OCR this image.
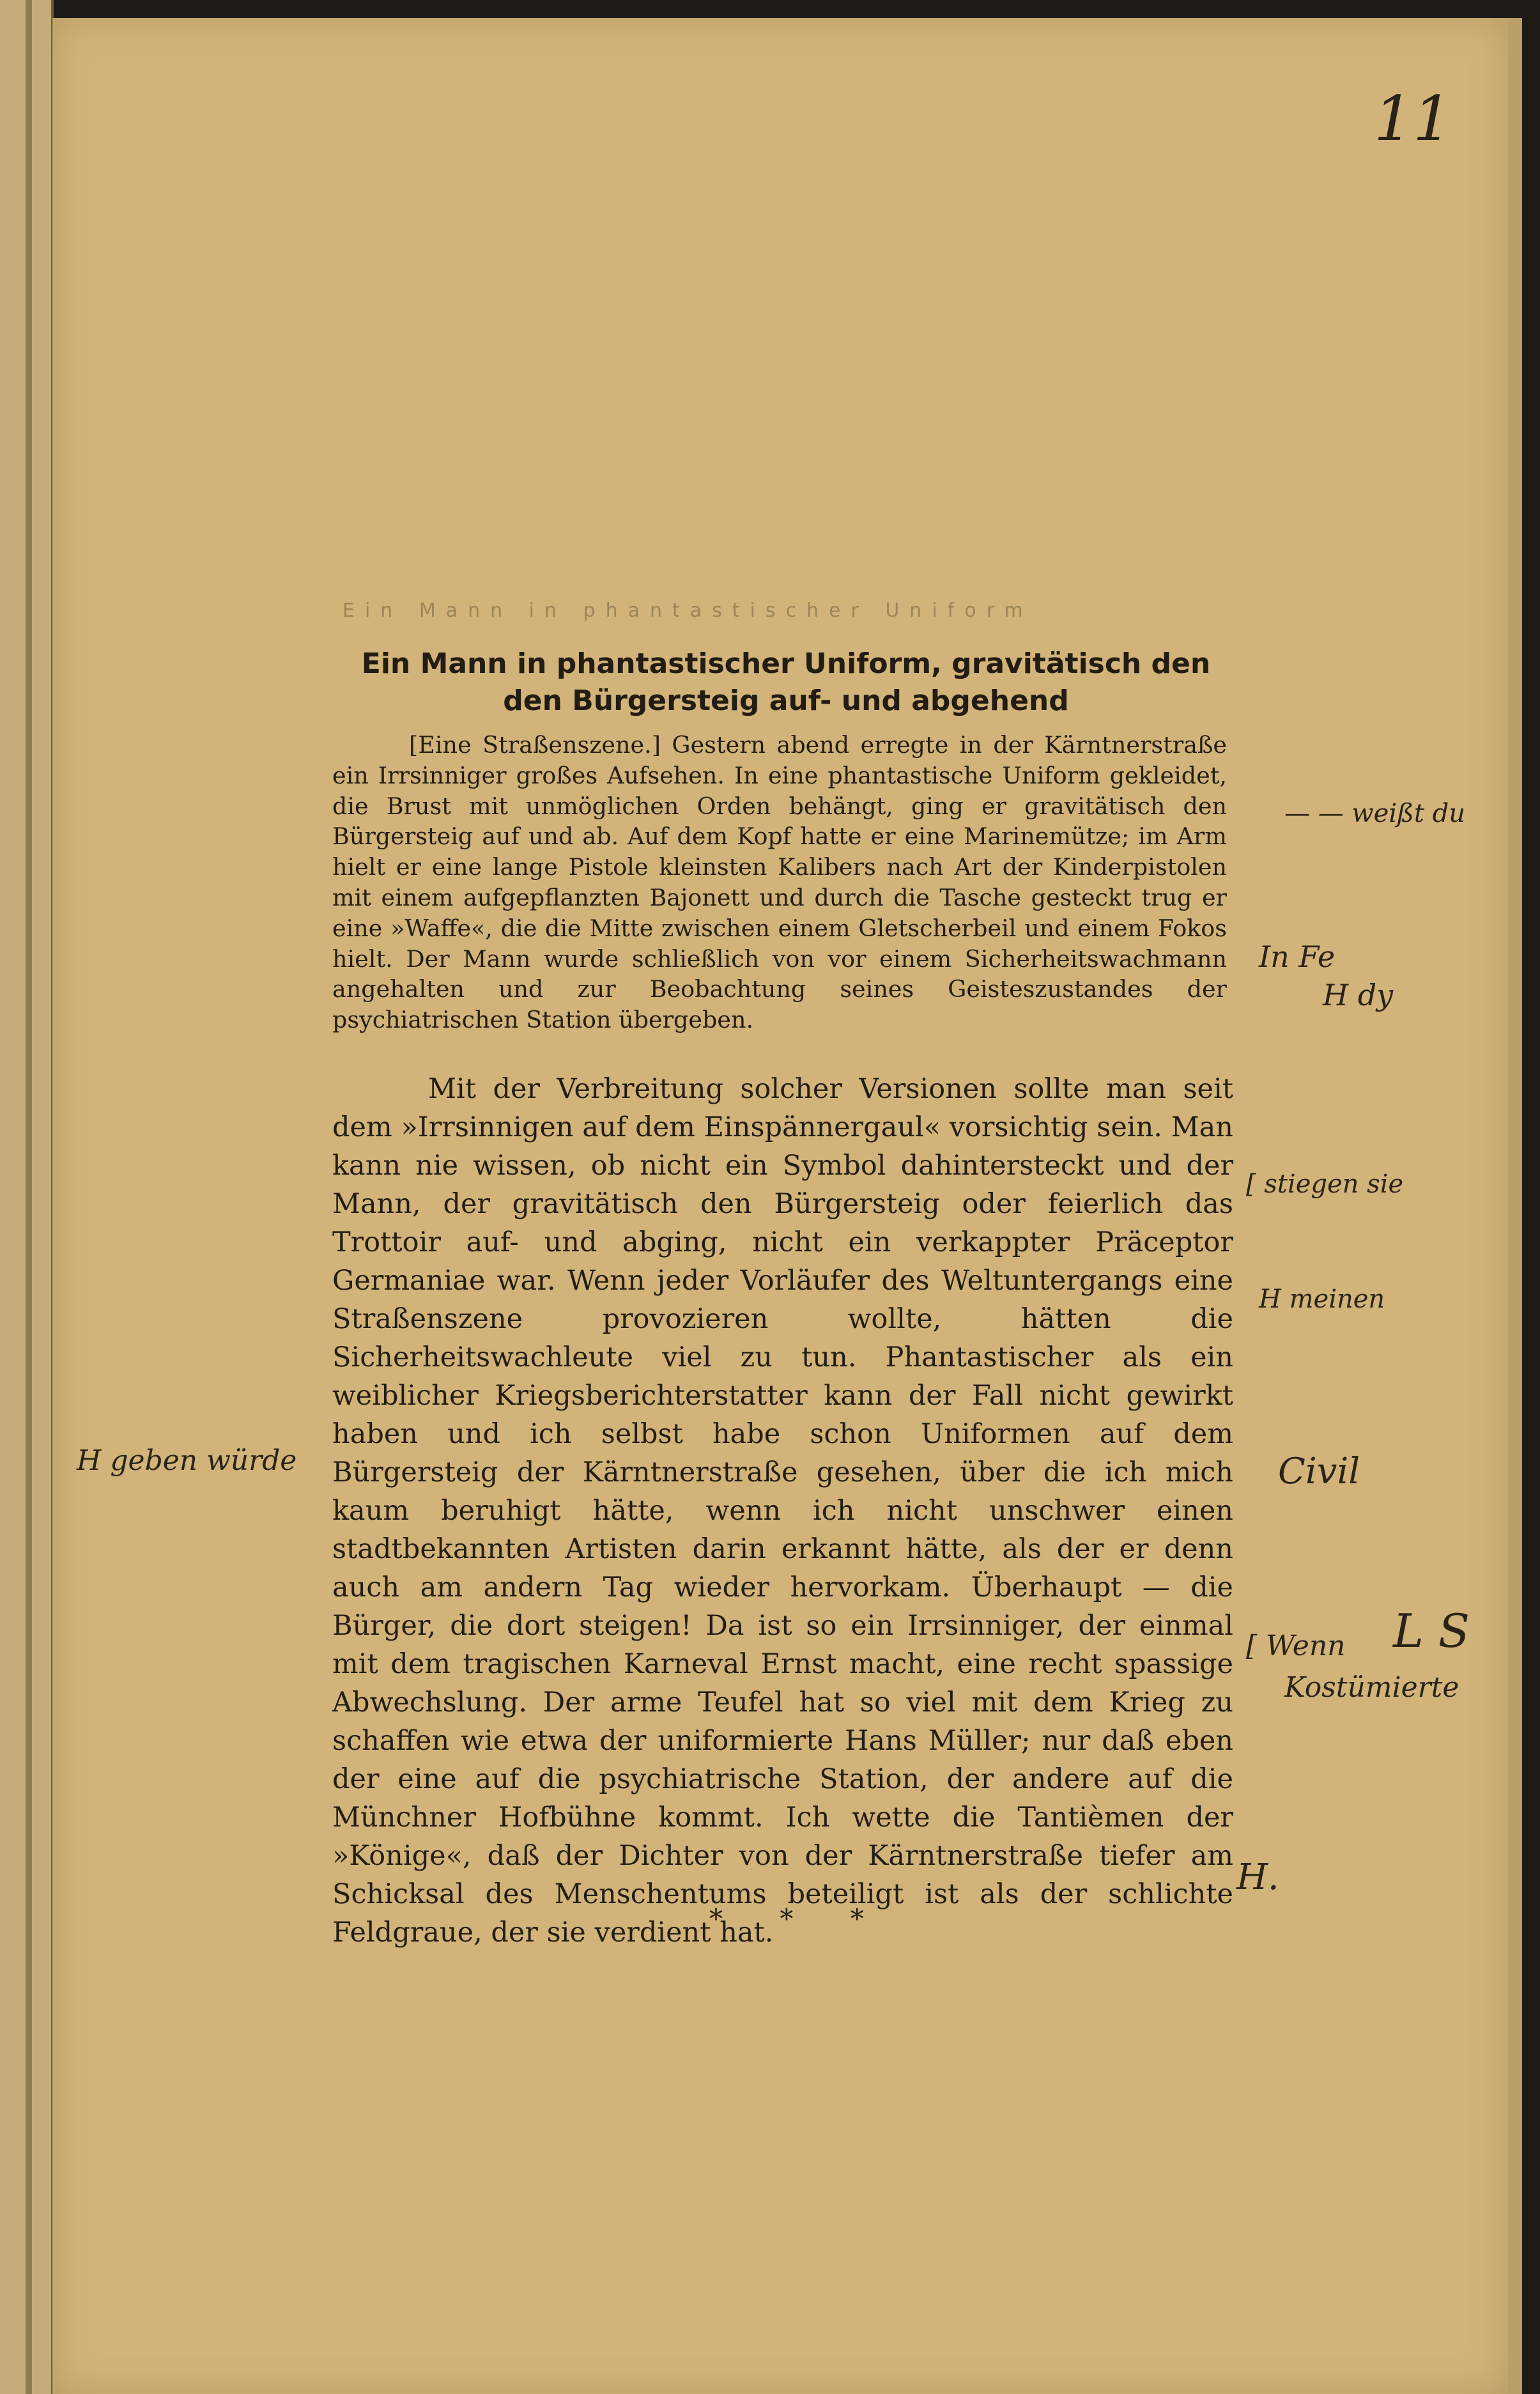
11
Ein Mann in phantastischer Uniform
Ein Mann in phantastischer Uniform, gravitätisch den
den Bürgersteig auf- und abgehend

[Eine Straßenszene.] Gestern abend erregte in der Kärntnerstraße ein Irrsinniger großes Aufsehen. In eine phantastische Uniform gekleidet, die Brust mit unmöglichen Orden behängt, ging er gravitätisch den Bürgersteig auf und ab. Auf dem Kopf hatte er eine Marinemütze; im Arm hielt er eine lange Pistole kleinsten Kalibers nach Art der Kinderpistolen mit einem aufgepflanzten Bajonett und durch die Tasche gesteckt trug er eine »Waffe«, die die Mitte zwischen einem Gletscherbeil und einem Fokos hielt. Der Mann wurde schließlich von vor einem Sicherheitswachmann angehalten und zur Beobachtung seines Geisteszustandes der psychiatrischen Station übergeben.

Mit der Verbreitung solcher Versionen sollte man seit dem »Irrsinnigen auf dem Einspännergaul« vorsichtig sein. Man kann nie wissen, ob nicht ein Symbol dahintersteckt und der Mann, der gravitätisch den Bürgersteig oder feierlich das Trottoir auf- und abging, nicht ein verkappter Präceptor Germaniae war. Wenn jeder Vorläufer des Weltuntergangs eine Straßenszene provozieren wollte, hätten die Sicherheitswachleute viel zu tun. Phantastischer als ein weiblicher Kriegsberichterstatter kann der Fall nicht gewirkt haben und ich selbst habe schon Uniformen auf dem Bürgersteig der Kärntnerstraße gesehen, über die ich mich kaum beruhigt hätte, wenn ich nicht unschwer einen stadtbekannten Artisten darin erkannt hätte, als der er denn auch am andern Tag wieder hervorkam. Überhaupt — die Bürger, die dort steigen! Da ist so ein Irrsinniger, der einmal mit dem tragischen Karneval Ernst macht, eine recht spassige Abwechslung. Der arme Teufel hat so viel mit dem Krieg zu schaffen wie etwa der uniformierte Hans Müller; nur daß eben der eine auf die psychiatrische Station, der andere auf die Münchner Hofbühne kommt. Ich wette die Tantièmen der »Könige«, daß der Dichter von der Kärntnerstraße tiefer am Schicksal des Menschentums beteiligt ist als der schlichte Feldgraue, der sie verdient hat.

* * *
— — weißt du
In Fe
H dy
[ stiegen sie
H meinen
H geben würde	Civil
[ Wenn L S
Kostümierte
H.
